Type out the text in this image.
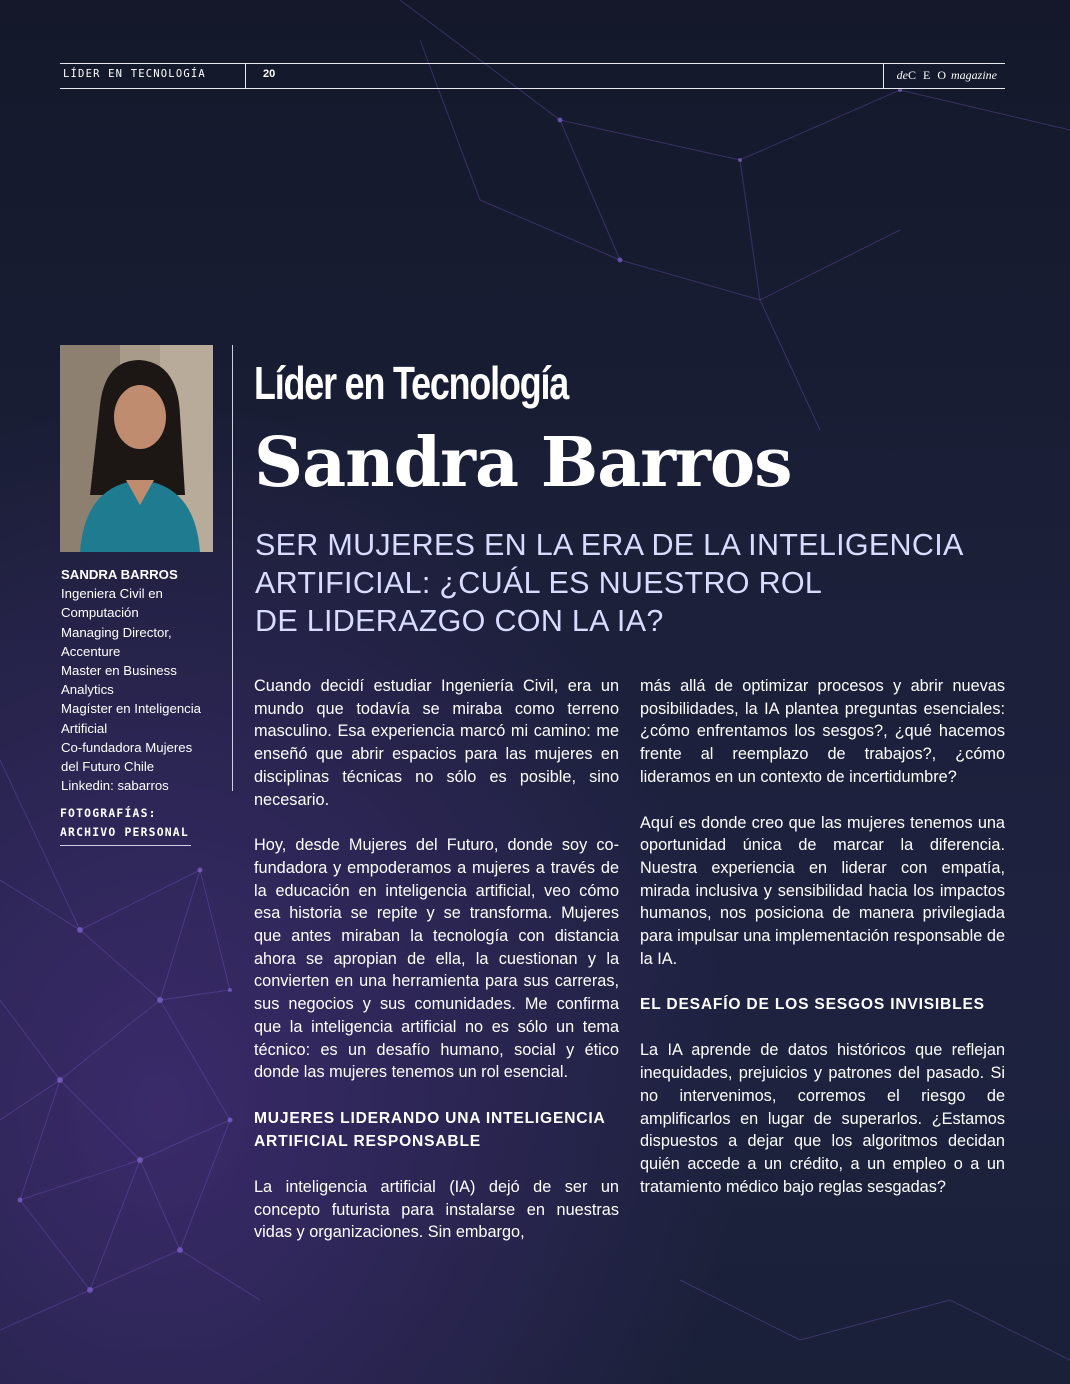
LÍDER EN TECNOLOGÍA	20	deC E O magazine
SANDRA BARROS
Ingeniera Civil en
Computación
Managing Director,
Accenture
Master en Business
Analytics
Magíster en Inteligencia
Artificial
Co-fundadora Mujeres
del Futuro Chile
Linkedin: sabarros
FOTOGRAFÍAS:
ARCHIVO PERSONAL
Líder en Tecnología
Sandra Barros
SER MUJERES EN LA ERA DE LA INTELIGENCIA
ARTIFICIAL: ¿CUÁL ES NUESTRO ROL
DE LIDERAZGO CON LA IA?

Cuando decidí estudiar Ingeniería Civil, era un mundo que todavía se miraba como terreno masculino. Esa experiencia marcó mi camino: me enseñó que abrir espacios para las mujeres en disciplinas técnicas no sólo es posible, sino necesario.

Hoy, desde Mujeres del Futuro, donde soy co-fundadora y empoderamos a mujeres a través de la educación en inteligencia artificial, veo cómo esa historia se repite y se transforma. Mujeres que antes miraban la tecnología con distancia ahora se apropian de ella, la cuestionan y la convierten en una herramienta para sus carreras, sus negocios y sus comunidades. Me confirma que la inteligencia artificial no es sólo un tema técnico: es un desafío humano, social y ético donde las mujeres tenemos un rol esencial.

MUJERES LIDERANDO UNA INTELIGENCIA ARTIFICIAL RESPONSABLE

La inteligencia artificial (IA) dejó de ser un concepto futurista para instalarse en nuestras vidas y organizaciones. Sin embargo,

más allá de optimizar procesos y abrir nuevas posibilidades, la IA plantea preguntas esenciales: ¿cómo enfrentamos los sesgos?, ¿qué hacemos frente al reemplazo de trabajos?, ¿cómo lideramos en un contexto de incertidumbre?

Aquí es donde creo que las mujeres tenemos una oportunidad única de marcar la diferencia. Nuestra experiencia en liderar con empatía, mirada inclusiva y sensibilidad hacia los impactos humanos, nos posiciona de manera privilegiada para impulsar una implementación responsable de la IA.

EL DESAFÍO DE LOS SESGOS INVISIBLES

La IA aprende de datos históricos que reflejan inequidades, prejuicios y patrones del pasado. Si no intervenimos, corremos el riesgo de amplificarlos en lugar de superarlos. ¿Estamos dispuestos a dejar que los algoritmos decidan quién accede a un crédito, a un empleo o a un tratamiento médico bajo reglas sesgadas?
